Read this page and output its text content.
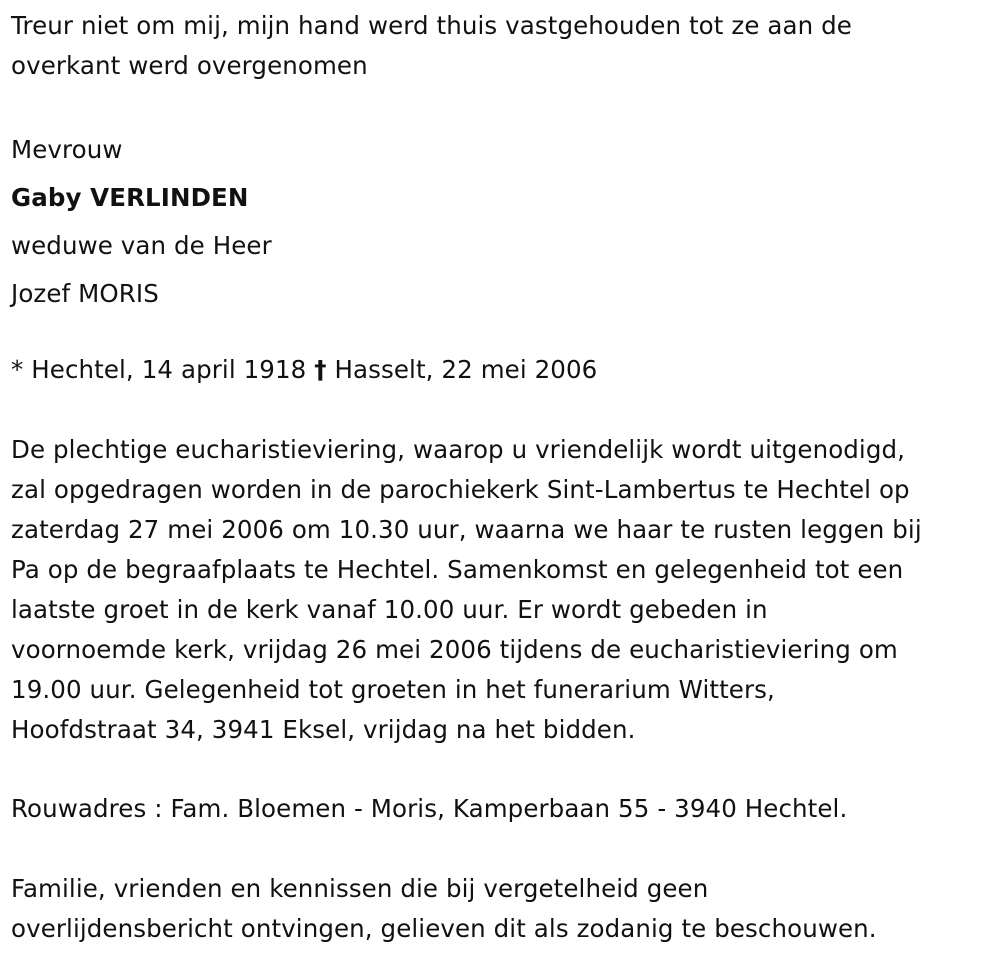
Treur niet om mij, mijn hand werd thuis vastgehouden tot ze aan de
overkant werd overgenomen
Mevrouw
Gaby VERLINDEN
weduwe van de Heer
Jozef MORIS
* Hechtel, 14 april 1918 † Hasselt, 22 mei 2006
De plechtige eucharistieviering, waarop u vriendelijk wordt uitgenodigd,
zal opgedragen worden in de parochiekerk Sint-Lambertus te Hechtel op
zaterdag 27 mei 2006 om 10.30 uur, waarna we haar te rusten leggen bij
Pa op de begraafplaats te Hechtel. Samenkomst en gelegenheid tot een
laatste groet in de kerk vanaf 10.00 uur. Er wordt gebeden in
voornoemde kerk, vrijdag 26 mei 2006 tijdens de eucharistieviering om
19.00 uur. Gelegenheid tot groeten in het funerarium Witters,
Hoofdstraat 34, 3941 Eksel, vrijdag na het bidden.
Rouwadres : Fam. Bloemen - Moris, Kamperbaan 55 - 3940 Hechtel.
Familie, vrienden en kennissen die bij vergetelheid geen
overlijdensbericht ontvingen, gelieven dit als zodanig te beschouwen.
